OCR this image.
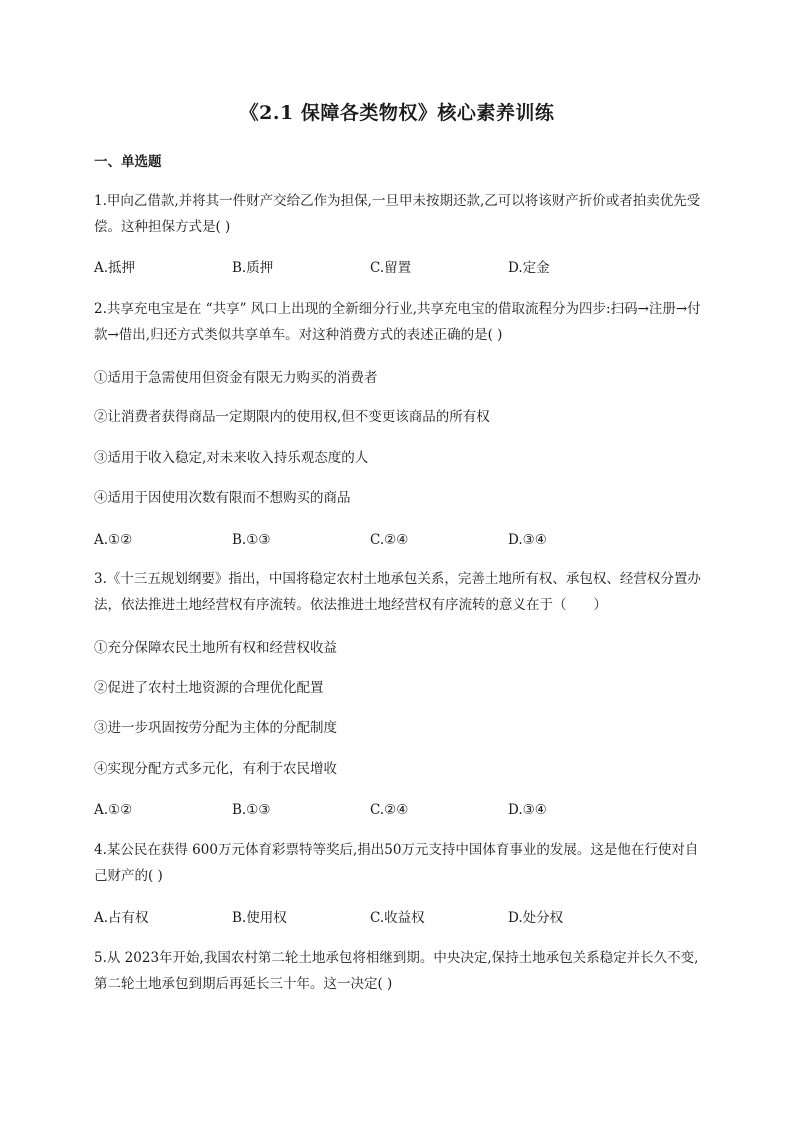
《2.1 保障各类物权》核心素养训练
一、单选题
1.甲向乙借款,并将其一件财产交给乙作为担保,一旦甲未按期还款,乙可以将该财产折价或者拍卖优先受偿。这种担保方式是( )
A.抵押	B.质押	C.留置	D.定金
2.共享充电宝是在 “共享” 风口上出现的全新细分行业,共享充电宝的借取流程分为四步:扫码→注册→付款→借出,归还方式类似共享单车。对这种消费方式的表述正确的是( )
①适用于急需使用但资金有限无力购买的消费者
②让消费者获得商品一定期限内的使用权,但不变更该商品的所有权
③适用于收入稳定,对未来收入持乐观态度的人
④适用于因使用次数有限而不想购买的商品
A.①②	B.①③	C.②④	D.③④
3.《十三五规划纲要》指出，中国将稳定农村土地承包关系，完善土地所有权、承包权、经营权分置办法，依法推进土地经营权有序流转。依法推进土地经营权有序流转的意义在于（　　）
①充分保障农民土地所有权和经营权收益
②促进了农村土地资源的合理优化配置
③进一步巩固按劳分配为主体的分配制度
④实现分配方式多元化，有利于农民增收
A.①②	B.①③	C.②④	D.③④
4.某公民在获得 600万元体育彩票特等奖后,捐出50万元支持中国体育事业的发展。这是他在行使对自己财产的( )
A.占有权	B.使用权	C.收益权	D.处分权
5.从 2023年开始,我国农村第二轮土地承包将相继到期。中央决定,保持土地承包关系稳定并长久不变,第二轮土地承包到期后再延长三十年。这一决定( )
